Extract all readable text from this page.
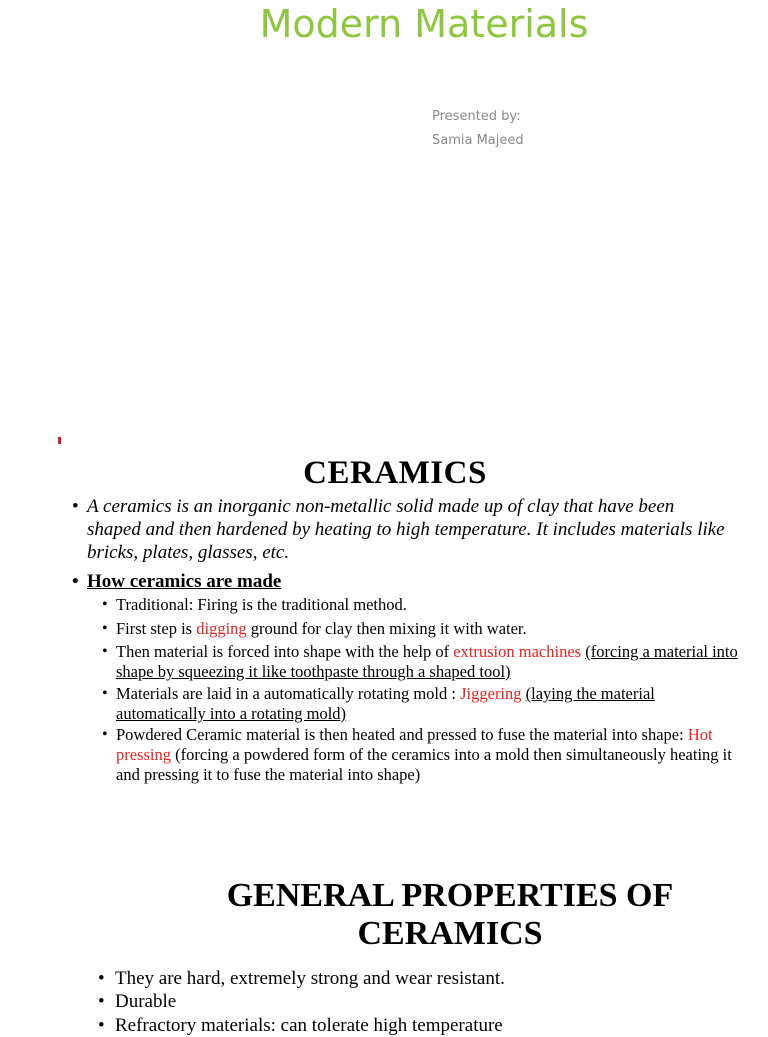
Modern Materials
Presented by:
Samia Majeed
CERAMICS
• A ceramics is an inorganic non-metallic solid made up of clay that have been shaped and then hardened by heating to high temperature. It includes materials like bricks, plates, glasses, etc.
• How ceramics are made
• Traditional: Firing is the traditional method.
• First step is digging ground for clay then mixing it with water.
• Then material is forced into shape with the help of extrusion machines (forcing a material into shape by squeezing it like toothpaste through a shaped tool)
• Materials are laid in a automatically rotating mold : Jiggering (laying the material automatically into a rotating mold)
• Powdered Ceramic material is then heated and pressed to fuse the material into shape: Hot pressing (forcing a powdered form of the ceramics into a mold then simultaneously heating it and pressing it to fuse the material into shape)
GENERAL PROPERTIES OF
CERAMICS
• They are hard, extremely strong and wear resistant.
• Durable
• Refractory materials: can tolerate high temperature
